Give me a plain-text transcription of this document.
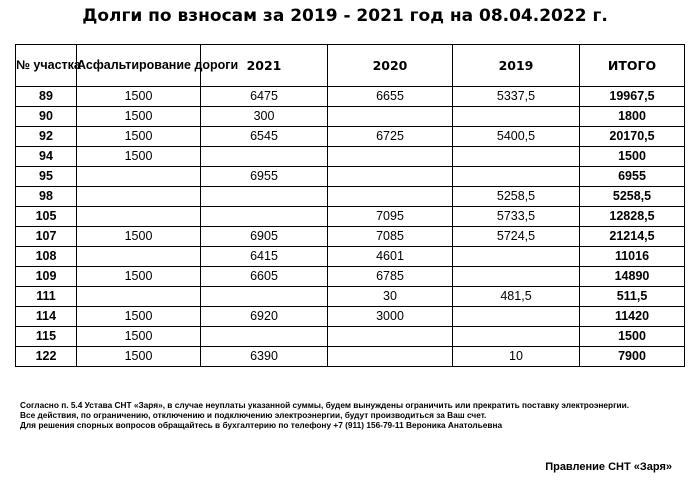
Долги по взносам за 2019 - 2021 год на 08.04.2022 г.
№ участка	Асфальтирование дороги	2021	2020	2019	ИТОГО
89	1500	6475	6655	5337,5	19967,5
90	1500	300			1800
92	1500	6545	6725	5400,5	20170,5
94	1500				1500
95		6955			6955
98				5258,5	5258,5
105			7095	5733,5	12828,5
107	1500	6905	7085	5724,5	21214,5
108		6415	4601		11016
109	1500	6605	6785		14890
111			30	481,5	511,5
114	1500	6920	3000		11420
115	1500				1500
122	1500	6390		10	7900
Согласно п. 5.4 Устава СНТ «Заря», в случае неуплаты указанной суммы, будем вынуждены ограничить или прекратить поставку электроэнергии.
Все действия, по ограничению, отключению и подключению электроэнергии, будут производиться за Ваш счет.
Для решения спорных вопросов обращайтесь в бухгалтерию по телефону +7 (911) 156-79-11 Вероника Анатольевна
Правление СНТ «Заря»
